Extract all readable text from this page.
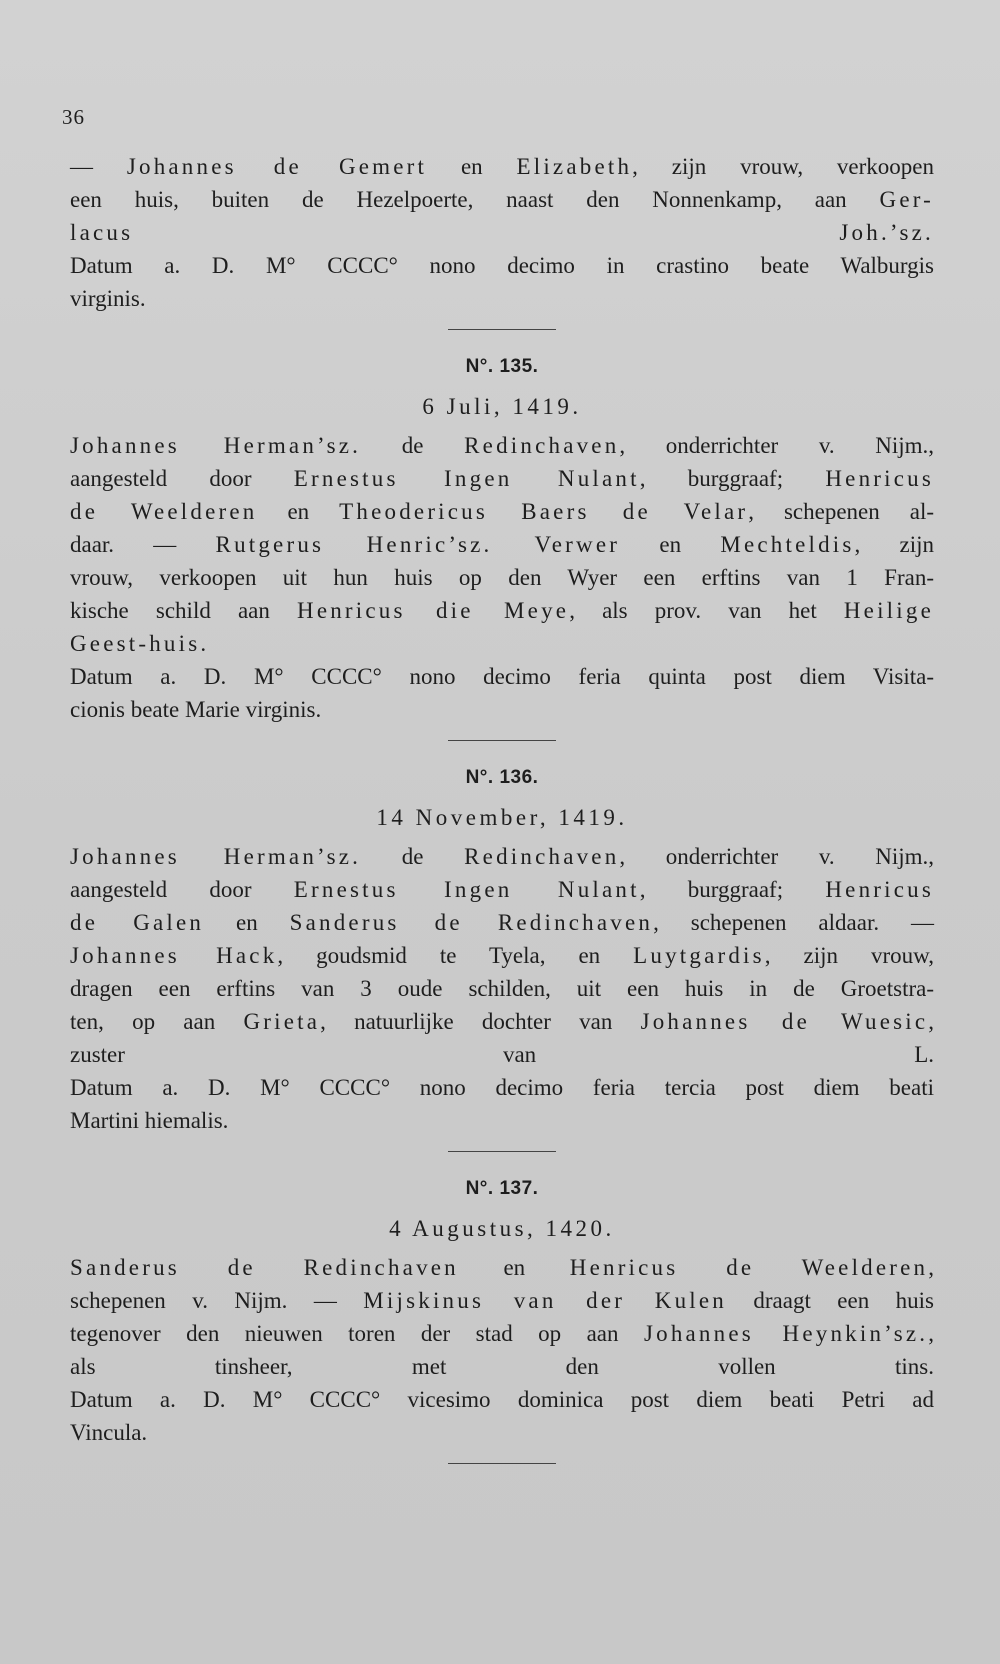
36
— Johannes de Gemert en Elizabeth, zijn vrouw, verkoopen
een huis, buiten de Hezelpoerte, naast den Nonnenkamp, aan Ger-
lacus Joh.’sz.
Datum a. D. M° CCCC° nono decimo in crastino beate Walburgis
virginis.
N°. 135.
6 Juli, 1419.
Johannes Herman’sz. de Redinchaven, onderrichter v. Nijm.,
aangesteld door Ernestus Ingen Nulant, burggraaf; Henricus
de Weelderen en Theodericus Baers de Velar, schepenen al-
daar. — Rutgerus Henric’sz. Verwer en Mechteldis, zijn
vrouw, verkoopen uit hun huis op den Wyer een erftins van 1 Fran-
kische schild aan Henricus die Meye, als prov. van het Heilige
Geest-huis.
Datum a. D. M° CCCC° nono decimo feria quinta post diem Visita-
cionis beate Marie virginis.
N°. 136.
14 November, 1419.
Johannes Herman’sz. de Redinchaven, onderrichter v. Nijm.,
aangesteld door Ernestus Ingen Nulant, burggraaf; Henricus
de Galen en Sanderus de Redinchaven, schepenen aldaar. —
Johannes Hack, goudsmid te Tyela, en Luytgardis, zijn vrouw,
dragen een erftins van 3 oude schilden, uit een huis in de Groetstra-
ten, op aan Grieta, natuurlijke dochter van Johannes de Wuesic,
zuster van L.
Datum a. D. M° CCCC° nono decimo feria tercia post diem beati
Martini hiemalis.
N°. 137.
4 Augustus, 1420.
Sanderus de Redinchaven en Henricus de Weelderen,
schepenen v. Nijm. — Mijskinus van der Kulen draagt een huis
tegenover den nieuwen toren der stad op aan Johannes Heynkin’sz.,
als tinsheer, met den vollen tins.
Datum a. D. M° CCCC° vicesimo dominica post diem beati Petri ad
Vincula.
